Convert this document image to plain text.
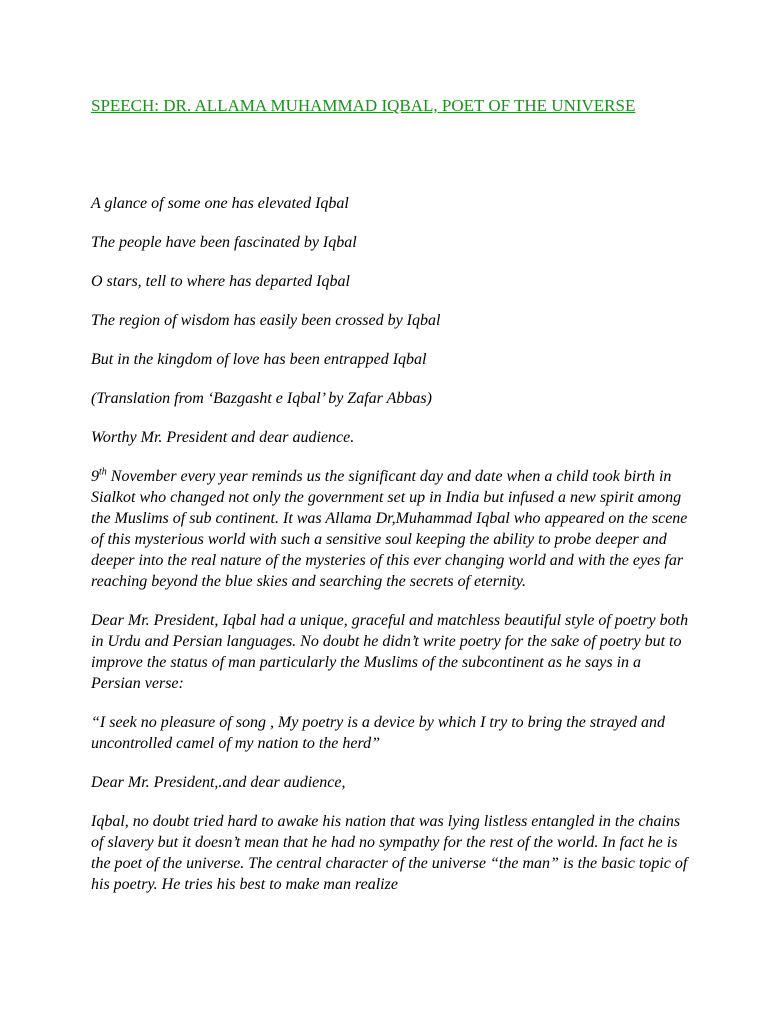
SPEECH: DR. ALLAMA MUHAMMAD IQBAL, POET OF THE UNIVERSE

A glance of some one has elevated Iqbal

The people have been fascinated by Iqbal

O stars, tell to where has departed Iqbal

The region of wisdom has easily been crossed by Iqbal

But in the kingdom of love has been entrapped Iqbal

(Translation from ‘Bazgasht e Iqbal’ by Zafar Abbas)

Worthy Mr. President and dear audience.

9th November every year reminds us the significant day and date when a child took birth in Sialkot who changed not only the government set up in India but infused a new spirit among the Muslims of sub continent. It was Allama Dr,Muhammad Iqbal who appeared on the scene of this mysterious world with such a sensitive soul keeping the ability to probe deeper and deeper into the real nature of the mysteries of this ever changing world and with the eyes far reaching beyond the blue skies and searching the secrets of eternity.

Dear Mr. President, Iqbal had a unique, graceful and matchless beautiful style of poetry both in Urdu and Persian languages. No doubt he didn’t write poetry for the sake of poetry but to improve the status of man particularly the Muslims of the subcontinent as he says in a Persian verse:

“I seek no pleasure of song , My poetry is a device by which I try to bring the strayed and uncontrolled camel of my nation to the herd”

Dear Mr. President,.and dear audience,

Iqbal, no doubt tried hard to awake his nation that was lying listless entangled in the chains of slavery but it doesn’t mean that he had no sympathy for the rest of the world. In fact he is the poet of the universe. The central character of the universe “the man” is the basic topic of his poetry. He tries his best to make man realize
